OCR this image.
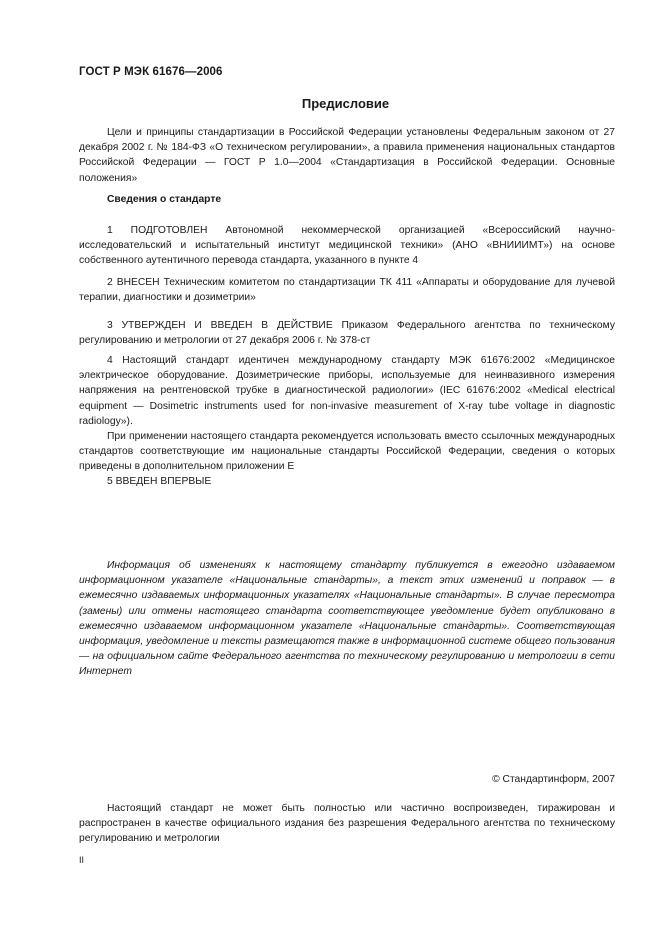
ГОСТ Р МЭК 61676—2006
Предисловие

Цели и принципы стандартизации в Российской Федерации установлены Федеральным законом от 27 декабря 2002 г. № 184-ФЗ «О техническом регулировании», а правила применения национальных стандартов Российской Федерации — ГОСТ Р 1.0—2004 «Стандартизация в Российской Федерации. Основные положения»

Сведения о стандарте

1 ПОДГОТОВЛЕН Автономной некоммерческой организацией «Всероссийский научно-исследовательский и испытательный институт медицинской техники» (АНО «ВНИИИМТ») на основе собственного аутентичного перевода стандарта, указанного в пункте 4

2 ВНЕСЕН Техническим комитетом по стандартизации ТК 411 «Аппараты и оборудование для лучевой терапии, диагностики и дозиметрии»

3 УТВЕРЖДЕН И ВВЕДЕН В ДЕЙСТВИЕ Приказом Федерального агентства по техническому регулированию и метрологии от 27 декабря 2006 г. № 378-ст

4 Настоящий стандарт идентичен международному стандарту МЭК 61676:2002 «Медицинское электрическое оборудование. Дозиметрические приборы, используемые для неинвазивного измерения напряжения на рентгеновской трубке в диагностической радиологии» (IEC 61676:2002 «Medical electrical equipment — Dosimetric instruments used for non-invasive measurement of X-ray tube voltage in diagnostic radiology»).

При применении настоящего стандарта рекомендуется использовать вместо ссылочных международных стандартов соответствующие им национальные стандарты Российской Федерации, сведения о которых приведены в дополнительном приложении Е

5 ВВЕДЕН ВПЕРВЫЕ

Информация об изменениях к настоящему стандарту публикуется в ежегодно издаваемом информационном указателе «Национальные стандарты», а текст этих изменений и поправок — в ежемесячно издаваемых информационных указателях «Национальные стандарты». В случае пересмотра (замены) или отмены настоящего стандарта соответствующее уведомление будет опубликовано в ежемесячно издаваемом информационном указателе «Национальные стандарты». Соответствующая информация, уведомление и тексты размещаются также в информационной системе общего пользования — на официальном сайте Федерального агентства по техническому регулированию и метрологии в сети Интернет

© Стандартинформ, 2007

Настоящий стандарт не может быть полностью или частично воспроизведен, тиражирован и распространен в качестве официального издания без разрешения Федерального агентства по техническому регулированию и метрологии

II
